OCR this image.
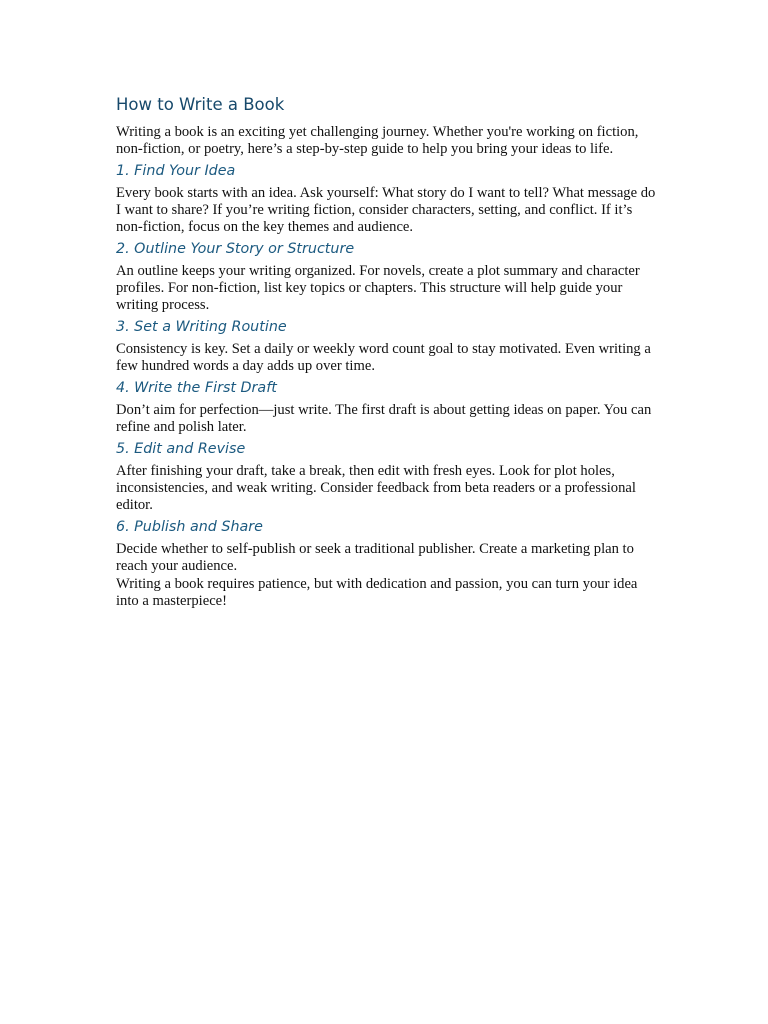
How to Write a Book

Writing a book is an exciting yet challenging journey. Whether you're working on fiction, non-fiction, or poetry, here’s a step-by-step guide to help you bring your ideas to life.

1. Find Your Idea

Every book starts with an idea. Ask yourself: What story do I want to tell? What message do I want to share? If you’re writing fiction, consider characters, setting, and conflict. If it’s non-fiction, focus on the key themes and audience.

2. Outline Your Story or Structure

An outline keeps your writing organized. For novels, create a plot summary and character profiles. For non-fiction, list key topics or chapters. This structure will help guide your writing process.

3. Set a Writing Routine

Consistency is key. Set a daily or weekly word count goal to stay motivated. Even writing a few hundred words a day adds up over time.

4. Write the First Draft

Don’t aim for perfection—just write. The first draft is about getting ideas on paper. You can refine and polish later.

5. Edit and Revise

After finishing your draft, take a break, then edit with fresh eyes. Look for plot holes, inconsistencies, and weak writing. Consider feedback from beta readers or a professional editor.

6. Publish and Share

Decide whether to self-publish or seek a traditional publisher. Create a marketing plan to reach your audience.

Writing a book requires patience, but with dedication and passion, you can turn your idea into a masterpiece!
